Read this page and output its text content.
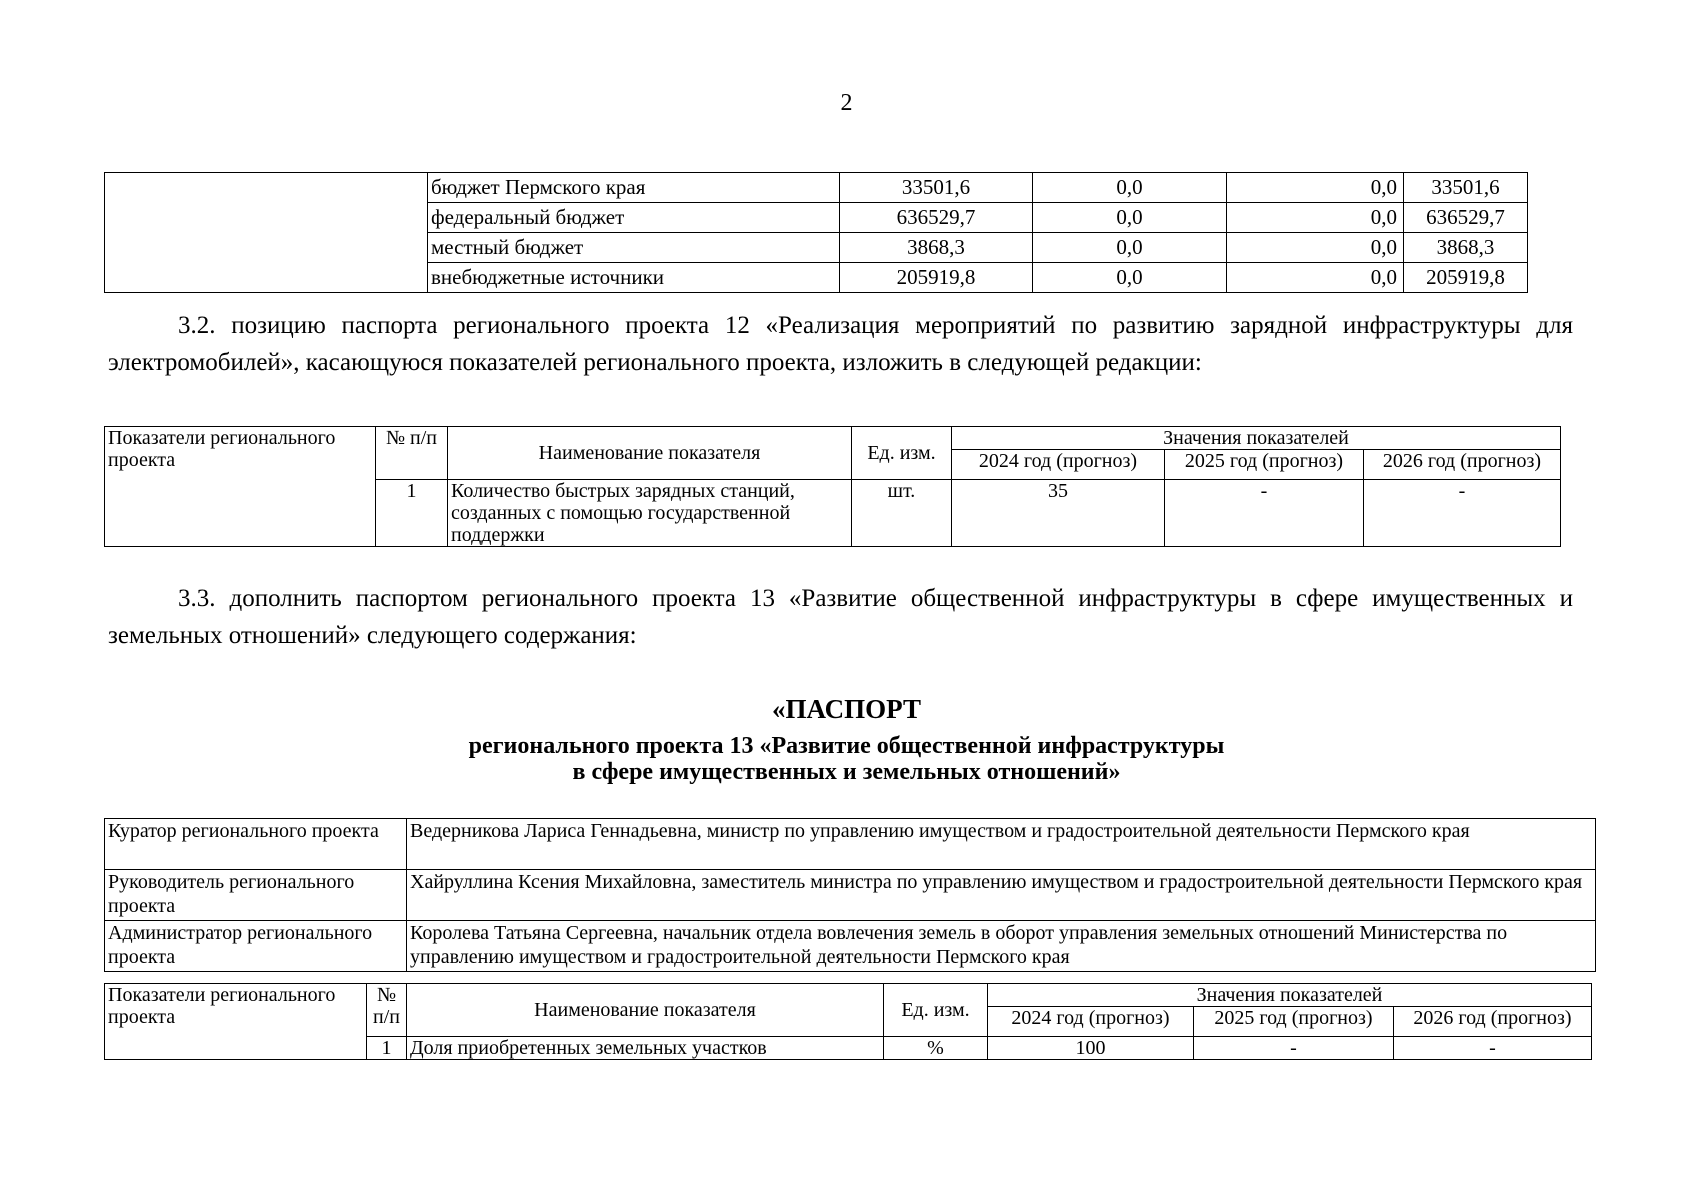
2
	бюджет Пермского края	33501,6	0,0	0,0	33501,6
	федеральный бюджет	636529,7	0,0	0,0	636529,7
	местный бюджет	3868,3	0,0	0,0	3868,3
	внебюджетные источники	205919,8	0,0	0,0	205919,8
3.2. позицию паспорта регионального проекта 12 «Реализация мероприятий по развитию зарядной инфраструктуры для электромобилей», касающуюся показателей регионального проекта, изложить в следующей редакции:
Показатели регионального проекта	№ п/п	Наименование показателя	Ед. изм.	Значения показателей		
				2024 год (прогноз)	2025 год (прогноз)	2026 год (прогноз)
	1	Количество быстрых зарядных станций, созданных с помощью государственной поддержки	шт.	35	-	-
3.3. дополнить паспортом регионального проекта 13 «Развитие общественной инфраструктуры в сфере имущественных и земельных отношений» следующего содержания:
«ПАСПОРТ
регионального проекта 13 «Развитие общественной инфраструктуры
в сфере имущественных и земельных отношений»
Куратор регионального проекта	Ведерникова Лариса Геннадьевна, министр по управлению имуществом и градостроительной деятельности Пермского края
Руководитель регионального проекта	Хайруллина Ксения Михайловна, заместитель министра по управлению имуществом и градостроительной деятельности Пермского края
Администратор регионального проекта	Королева Татьяна Сергеевна, начальник отдела вовлечения земель в оборот управления земельных отношений Министерства по управлению имуществом и градостроительной деятельности Пермского края
Показатели регионального проекта	№ п/п	Наименование показателя	Ед. изм.	Значения показателей		
				2024 год (прогноз)	2025 год (прогноз)	2026 год (прогноз)
	1	Доля приобретенных земельных участков	%	100	-	-
